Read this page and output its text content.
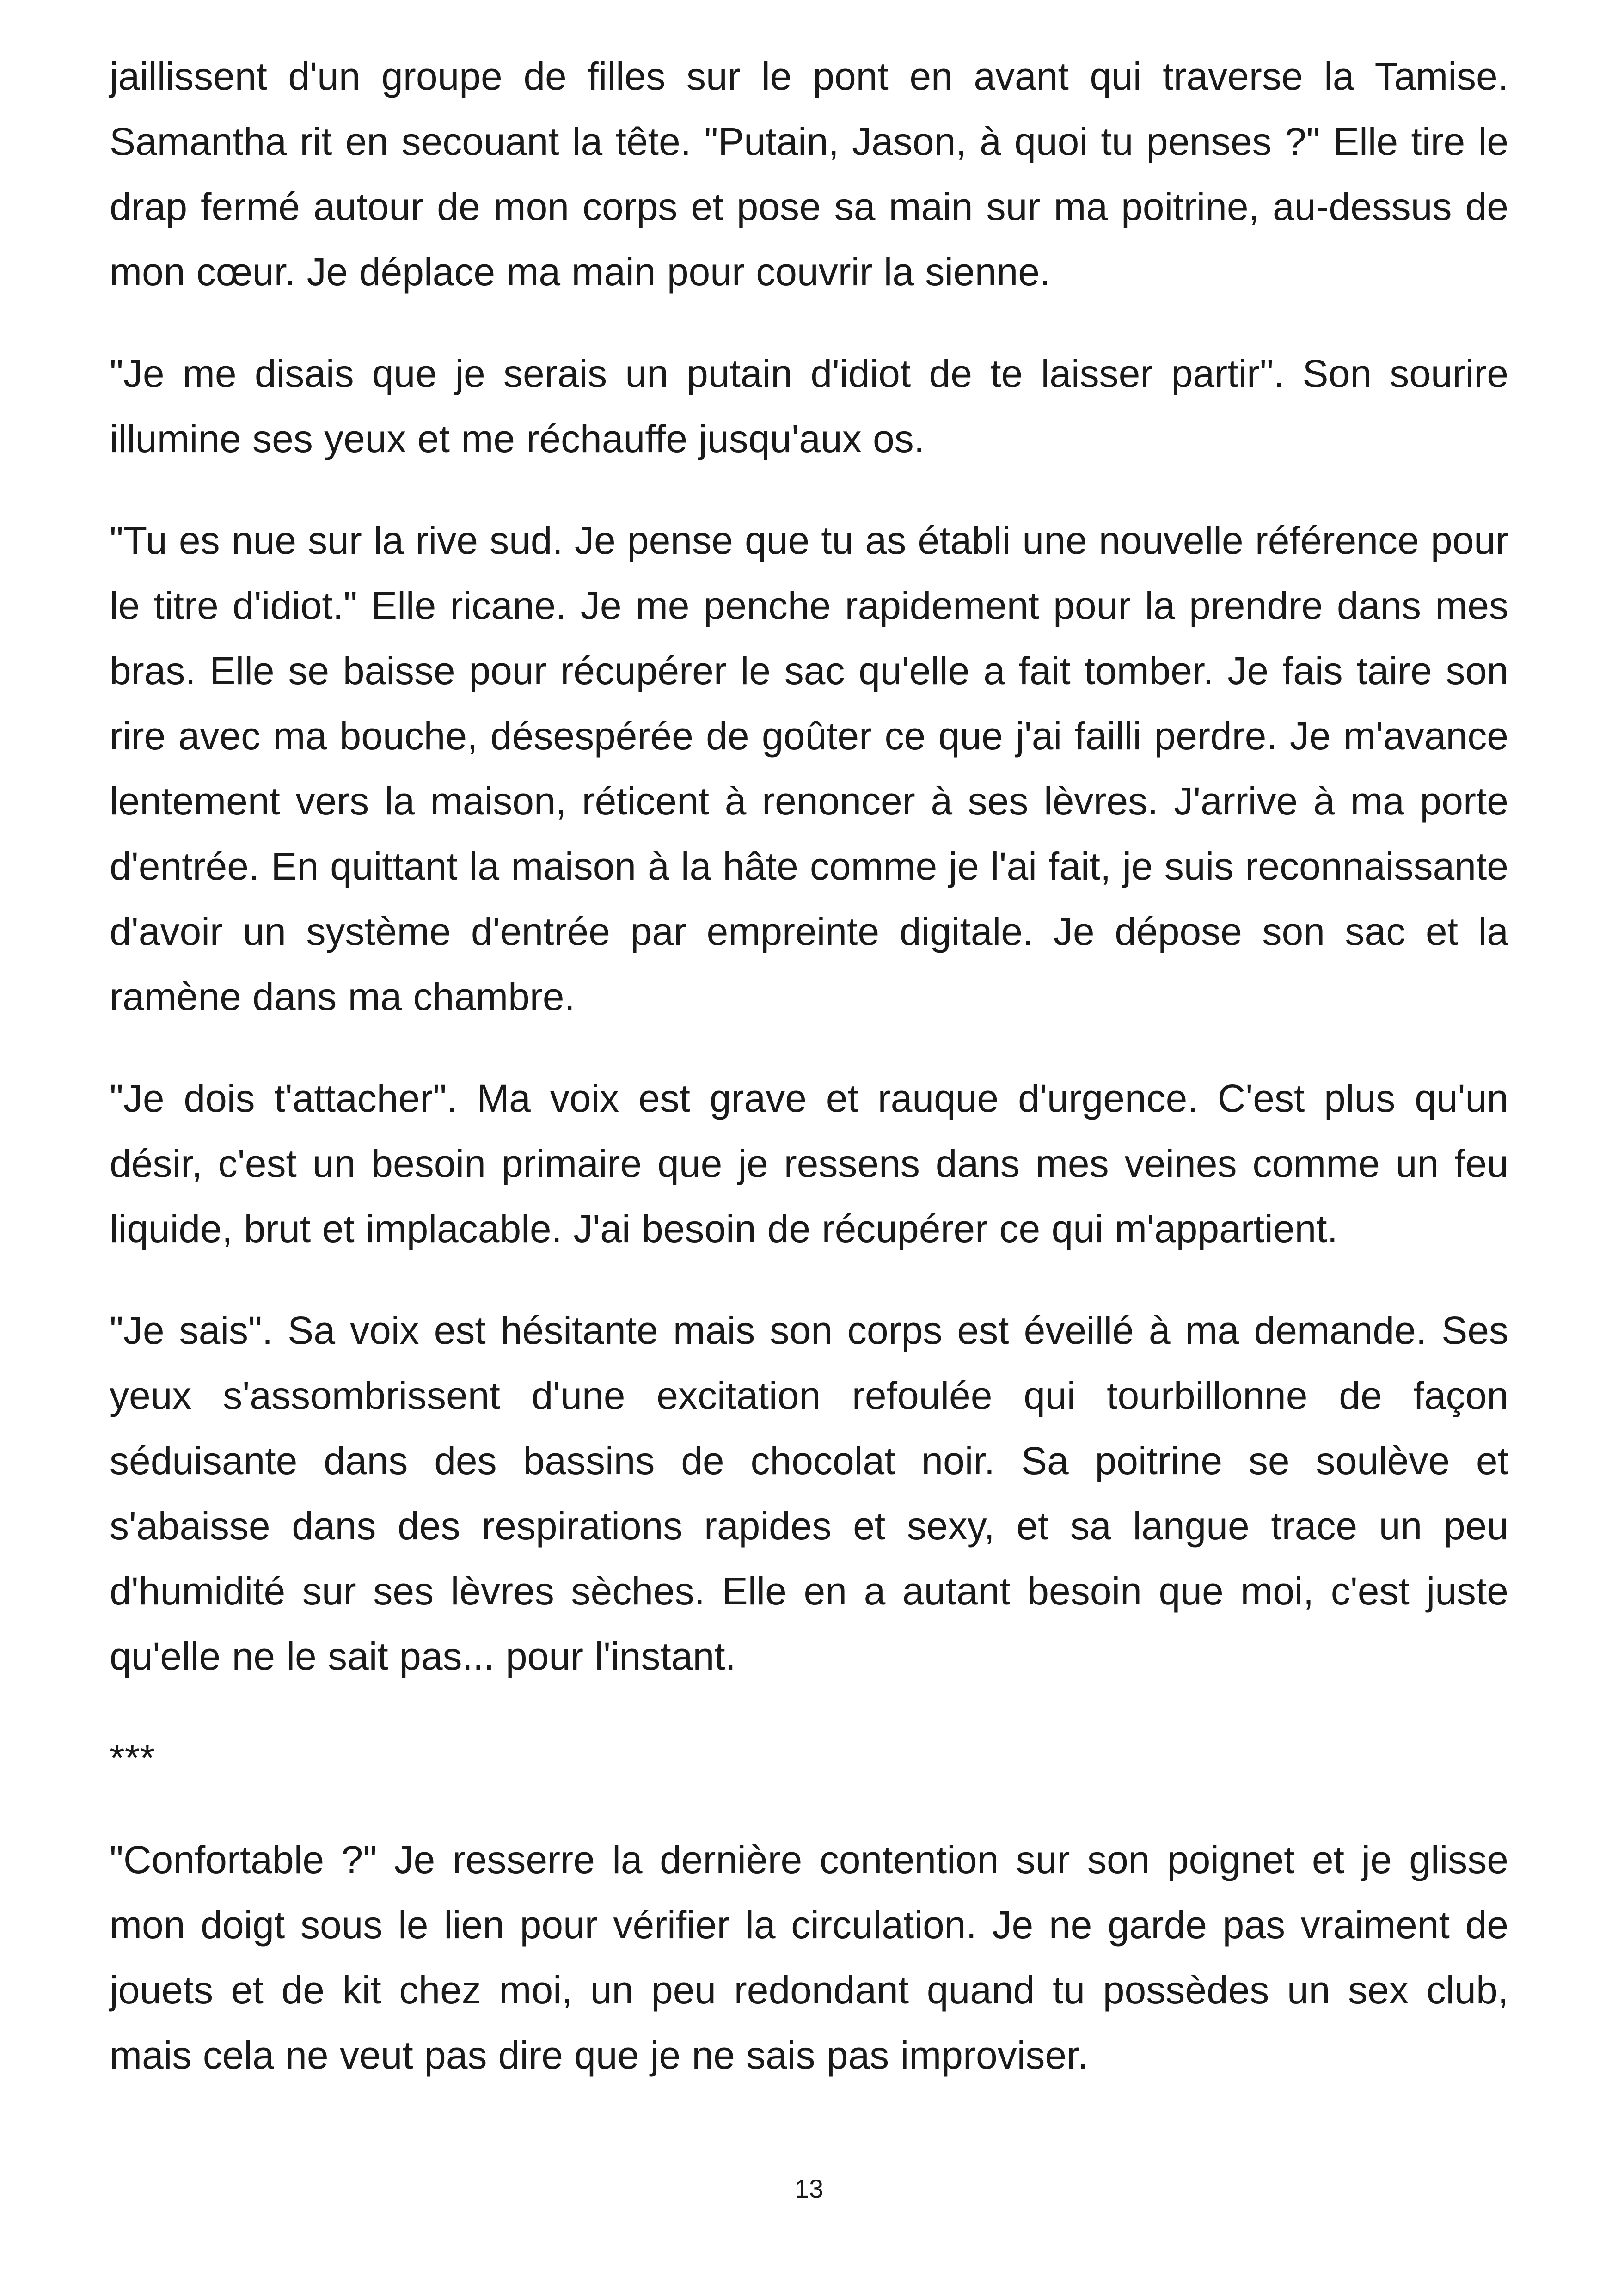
jaillissent d'un groupe de filles sur le pont en avant qui traverse la Tamise. Samantha rit en secouant la tête. "Putain, Jason, à quoi tu penses ?" Elle tire le drap fermé autour de mon corps et pose sa main sur ma poitrine, au-dessus de mon cœur. Je déplace ma main pour couvrir la sienne.

"Je me disais que je serais un putain d'idiot de te laisser partir". Son sourire illumine ses yeux et me réchauffe jusqu'aux os.

"Tu es nue sur la rive sud. Je pense que tu as établi une nouvelle référence pour le titre d'idiot." Elle ricane. Je me penche rapidement pour la prendre dans mes bras. Elle se baisse pour récupérer le sac qu'elle a fait tomber. Je fais taire son rire avec ma bouche, désespérée de goûter ce que j'ai failli perdre. Je m'avance lentement vers la maison, réticent à renoncer à ses lèvres. J'arrive à ma porte d'entrée. En quittant la maison à la hâte comme je l'ai fait, je suis reconnaissante d'avoir un système d'entrée par empreinte digitale. Je dépose son sac et la ramène dans ma chambre.

"Je dois t'attacher". Ma voix est grave et rauque d'urgence. C'est plus qu'un désir, c'est un besoin primaire que je ressens dans mes veines comme un feu liquide, brut et implacable. J'ai besoin de récupérer ce qui m'appartient.

"Je sais". Sa voix est hésitante mais son corps est éveillé à ma demande. Ses yeux s'assombrissent d'une excitation refoulée qui tourbillonne de façon séduisante dans des bassins de chocolat noir. Sa poitrine se soulève et s'abaisse dans des respirations rapides et sexy, et sa langue trace un peu d'humidité sur ses lèvres sèches. Elle en a autant besoin que moi, c'est juste qu'elle ne le sait pas... pour l'instant.

***

"Confortable ?" Je resserre la dernière contention sur son poignet et je glisse mon doigt sous le lien pour vérifier la circulation. Je ne garde pas vraiment de jouets et de kit chez moi, un peu redondant quand tu possèdes un sex club, mais cela ne veut pas dire que je ne sais pas improviser.

13
